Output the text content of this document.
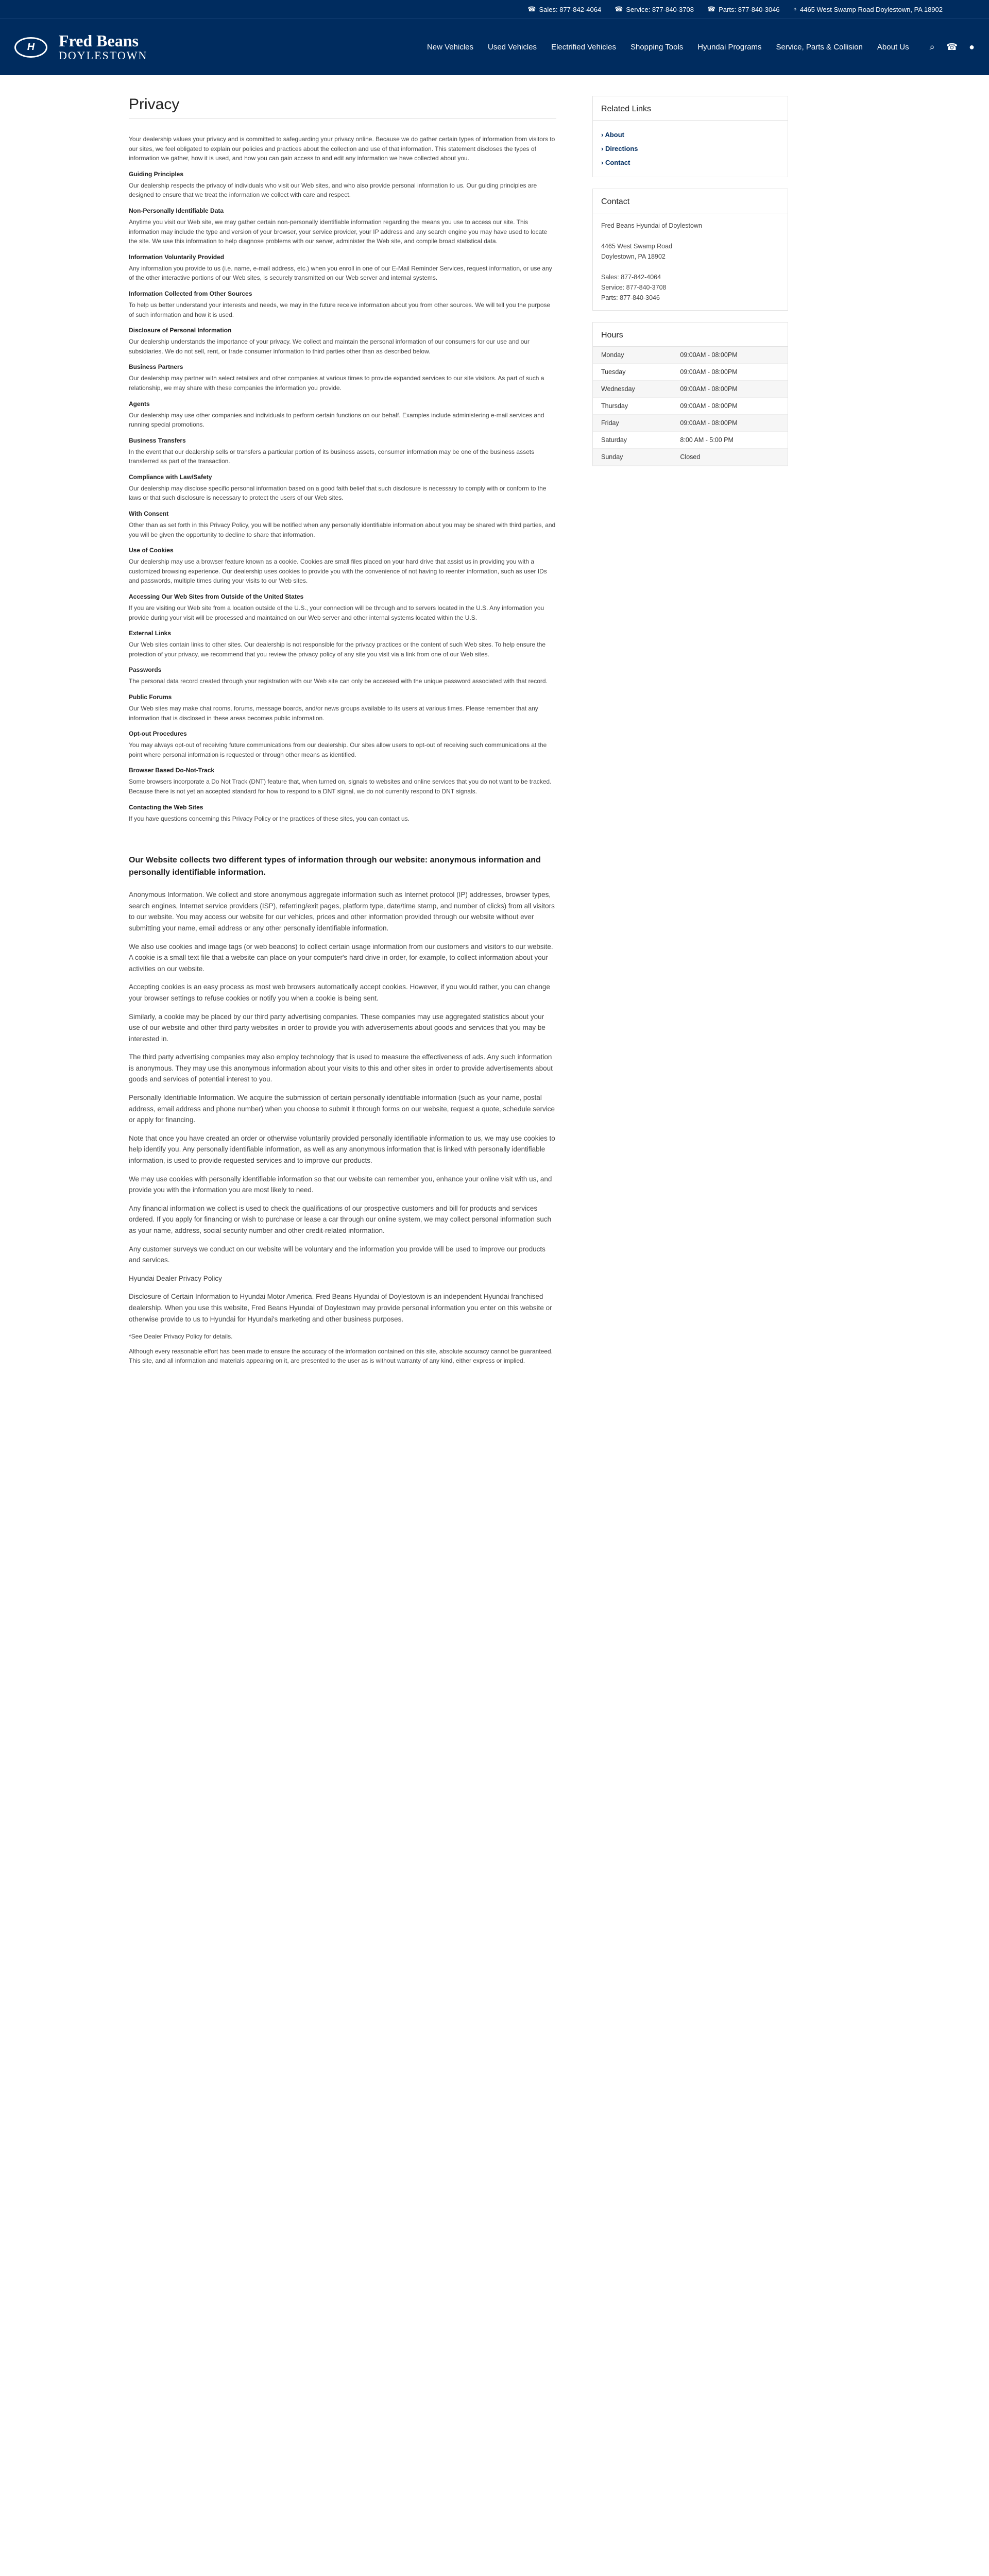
☎ Sales: 877-842-4064 ☎ Service: 877-840-3708 ☎ Parts: 877-840-3046 ⌖ 4465 West Swamp Road Doylestown, PA 18902
H	Fred Beans
DOYLESTOWN
New Vehicles Used Vehicles Electrified Vehicles Shopping Tools Hyundai Programs Service, Parts & Collision About Us ⌕ ☎ ●
Privacy

Your dealership values your privacy and is committed to safeguarding your privacy online. Because we do gather certain types of information from visitors to our sites, we feel obligated to explain our policies and practices about the collection and use of that information. This statement discloses the types of information we gather, how it is used, and how you can gain access to and edit any information we have collected about you.

Guiding Principles

Our dealership respects the privacy of individuals who visit our Web sites, and who also provide personal information to us. Our guiding principles are designed to ensure that we treat the information we collect with care and respect.

Non-Personally Identifiable Data

Anytime you visit our Web site, we may gather certain non-personally identifiable information regarding the means you use to access our site. This information may include the type and version of your browser, your service provider, your IP address and any search engine you may have used to locate the site. We use this information to help diagnose problems with our server, administer the Web site, and compile broad statistical data.

Information Voluntarily Provided

Any information you provide to us (i.e. name, e-mail address, etc.) when you enroll in one of our E-Mail Reminder Services, request information, or use any of the other interactive portions of our Web sites, is securely transmitted on our Web server and internal systems.

Information Collected from Other Sources

To help us better understand your interests and needs, we may in the future receive information about you from other sources. We will tell you the purpose of such information and how it is used.

Disclosure of Personal Information

Our dealership understands the importance of your privacy. We collect and maintain the personal information of our consumers for our use and our subsidiaries. We do not sell, rent, or trade consumer information to third parties other than as described below.

Business Partners

Our dealership may partner with select retailers and other companies at various times to provide expanded services to our site visitors. As part of such a relationship, we may share with these companies the information you provide.

Agents

Our dealership may use other companies and individuals to perform certain functions on our behalf. Examples include administering e-mail services and running special promotions.

Business Transfers

In the event that our dealership sells or transfers a particular portion of its business assets, consumer information may be one of the business assets transferred as part of the transaction.

Compliance with Law/Safety

Our dealership may disclose specific personal information based on a good faith belief that such disclosure is necessary to comply with or conform to the laws or that such disclosure is necessary to protect the users of our Web sites.

With Consent

Other than as set forth in this Privacy Policy, you will be notified when any personally identifiable information about you may be shared with third parties, and you will be given the opportunity to decline to share that information.

Use of Cookies

Our dealership may use a browser feature known as a cookie. Cookies are small files placed on your hard drive that assist us in providing you with a customized browsing experience. Our dealership uses cookies to provide you with the convenience of not having to reenter information, such as user IDs and passwords, multiple times during your visits to our Web sites.

Accessing Our Web Sites from Outside of the United States

If you are visiting our Web site from a location outside of the U.S., your connection will be through and to servers located in the U.S. Any information you provide during your visit will be processed and maintained on our Web server and other internal systems located within the U.S.

External Links

Our Web sites contain links to other sites. Our dealership is not responsible for the privacy practices or the content of such Web sites. To help ensure the protection of your privacy, we recommend that you review the privacy policy of any site you visit via a link from one of our Web sites.

Passwords

The personal data record created through your registration with our Web site can only be accessed with the unique password associated with that record.

Public Forums

Our Web sites may make chat rooms, forums, message boards, and/or news groups available to its users at various times. Please remember that any information that is disclosed in these areas becomes public information.

Opt-out Procedures

You may always opt-out of receiving future communications from our dealership. Our sites allow users to opt-out of receiving such communications at the point where personal information is requested or through other means as identified.

Browser Based Do-Not-Track

Some browsers incorporate a Do Not Track (DNT) feature that, when turned on, signals to websites and online services that you do not want to be tracked. Because there is not yet an accepted standard for how to respond to a DNT signal, we do not currently respond to DNT signals.

Contacting the Web Sites

If you have questions concerning this Privacy Policy or the practices of these sites, you can contact us.

Our Website collects two different types of information through our website: anonymous information and personally identifiable information.

Anonymous Information. We collect and store anonymous aggregate information such as Internet protocol (IP) addresses, browser types, search engines, Internet service providers (ISP), referring/exit pages, platform type, date/time stamp, and number of clicks) from all visitors to our website. You may access our website for our vehicles, prices and other information provided through our website without ever submitting your name, email address or any other personally identifiable information.

We also use cookies and image tags (or web beacons) to collect certain usage information from our customers and visitors to our website. A cookie is a small text file that a website can place on your computer's hard drive in order, for example, to collect information about your activities on our website.

Accepting cookies is an easy process as most web browsers automatically accept cookies. However, if you would rather, you can change your browser settings to refuse cookies or notify you when a cookie is being sent.

Similarly, a cookie may be placed by our third party advertising companies. These companies may use aggregated statistics about your use of our website and other third party websites in order to provide you with advertisements about goods and services that you may be interested in.

The third party advertising companies may also employ technology that is used to measure the effectiveness of ads. Any such information is anonymous. They may use this anonymous information about your visits to this and other sites in order to provide advertisements about goods and services of potential interest to you.

Personally Identifiable Information. We acquire the submission of certain personally identifiable information (such as your name, postal address, email address and phone number) when you choose to submit it through forms on our website, request a quote, schedule service or apply for financing.

Note that once you have created an order or otherwise voluntarily provided personally identifiable information to us, we may use cookies to help identify you. Any personally identifiable information, as well as any anonymous information that is linked with personally identifiable information, is used to provide requested services and to improve our products.

We may use cookies with personally identifiable information so that our website can remember you, enhance your online visit with us, and provide you with the information you are most likely to need.

Any financial information we collect is used to check the qualifications of our prospective customers and bill for products and services ordered. If you apply for financing or wish to purchase or lease a car through our online system, we may collect personal information such as your name, address, social security number and other credit-related information.

Any customer surveys we conduct on our website will be voluntary and the information you provide will be used to improve our products and services.

Hyundai Dealer Privacy Policy

Disclosure of Certain Information to Hyundai Motor America. Fred Beans Hyundai of Doylestown is an independent Hyundai franchised dealership. When you use this website, Fred Beans Hyundai of Doylestown may provide personal information you enter on this website or otherwise provide to us to Hyundai for Hyundai's marketing and other business purposes.

*See Dealer Privacy Policy for details.

Although every reasonable effort has been made to ensure the accuracy of the information contained on this site, absolute accuracy cannot be guaranteed. This site, and all information and materials appearing on it, are presented to the user as is without warranty of any kind, either express or implied.

Related Links
› About
› Directions
› Contact
Contact
Fred Beans Hyundai of Doylestown

4465 West Swamp Road
Doylestown, PA 18902

Sales: 877-842-4064
Service: 877-840-3708
Parts: 877-840-3046
Hours
Monday	09:00AM - 08:00PM
Tuesday	09:00AM - 08:00PM
Wednesday	09:00AM - 08:00PM
Thursday	09:00AM - 08:00PM
Friday	09:00AM - 08:00PM
Saturday	8:00 AM - 5:00 PM
Sunday	Closed
